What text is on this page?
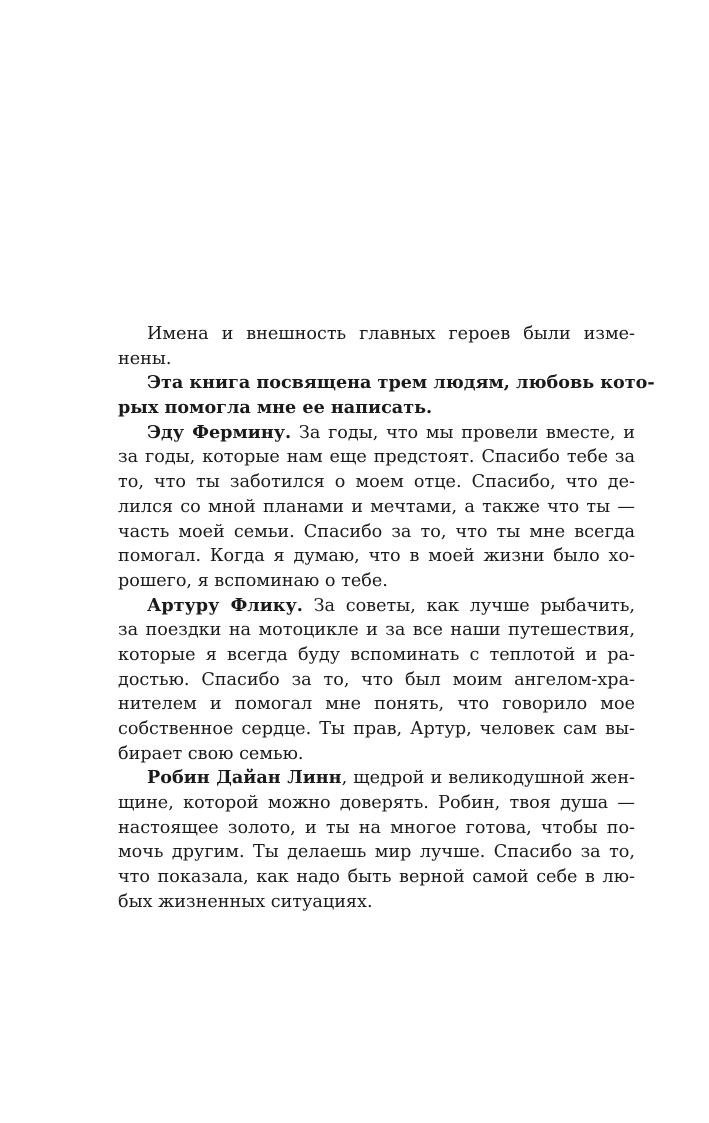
Имена и внешность главных героев были изме-
нены.
Эта книга посвящена трем людям, любовь кото-
рых помогла мне ее написать.
Эду Фермину. За годы, что мы провели вместе, и
за годы, которые нам еще предстоят. Спасибо тебе за
то, что ты заботился о моем отце. Спасибо, что де-
лился со мной планами и мечтами, а также что ты —
часть моей семьи. Спасибо за то, что ты мне всегда
помогал. Когда я думаю, что в моей жизни было хо-
рошего, я вспоминаю о тебе.
Артуру Флику. За советы, как лучше рыбачить,
за поездки на мотоцикле и за все наши путешествия,
которые я всегда буду вспоминать с теплотой и ра-
достью. Спасибо за то, что был моим ангелом-хра-
нителем и помогал мне понять, что говорило мое
собственное сердце. Ты прав, Артур, человек сам вы-
бирает свою семью.
Робин Дайан Линн, щедрой и великодушной жен-
щине, которой можно доверять. Робин, твоя душа —
настоящее золото, и ты на многое готова, чтобы по-
мочь другим. Ты делаешь мир лучше. Спасибо за то,
что показала, как надо быть верной самой себе в лю-
бых жизненных ситуациях.
